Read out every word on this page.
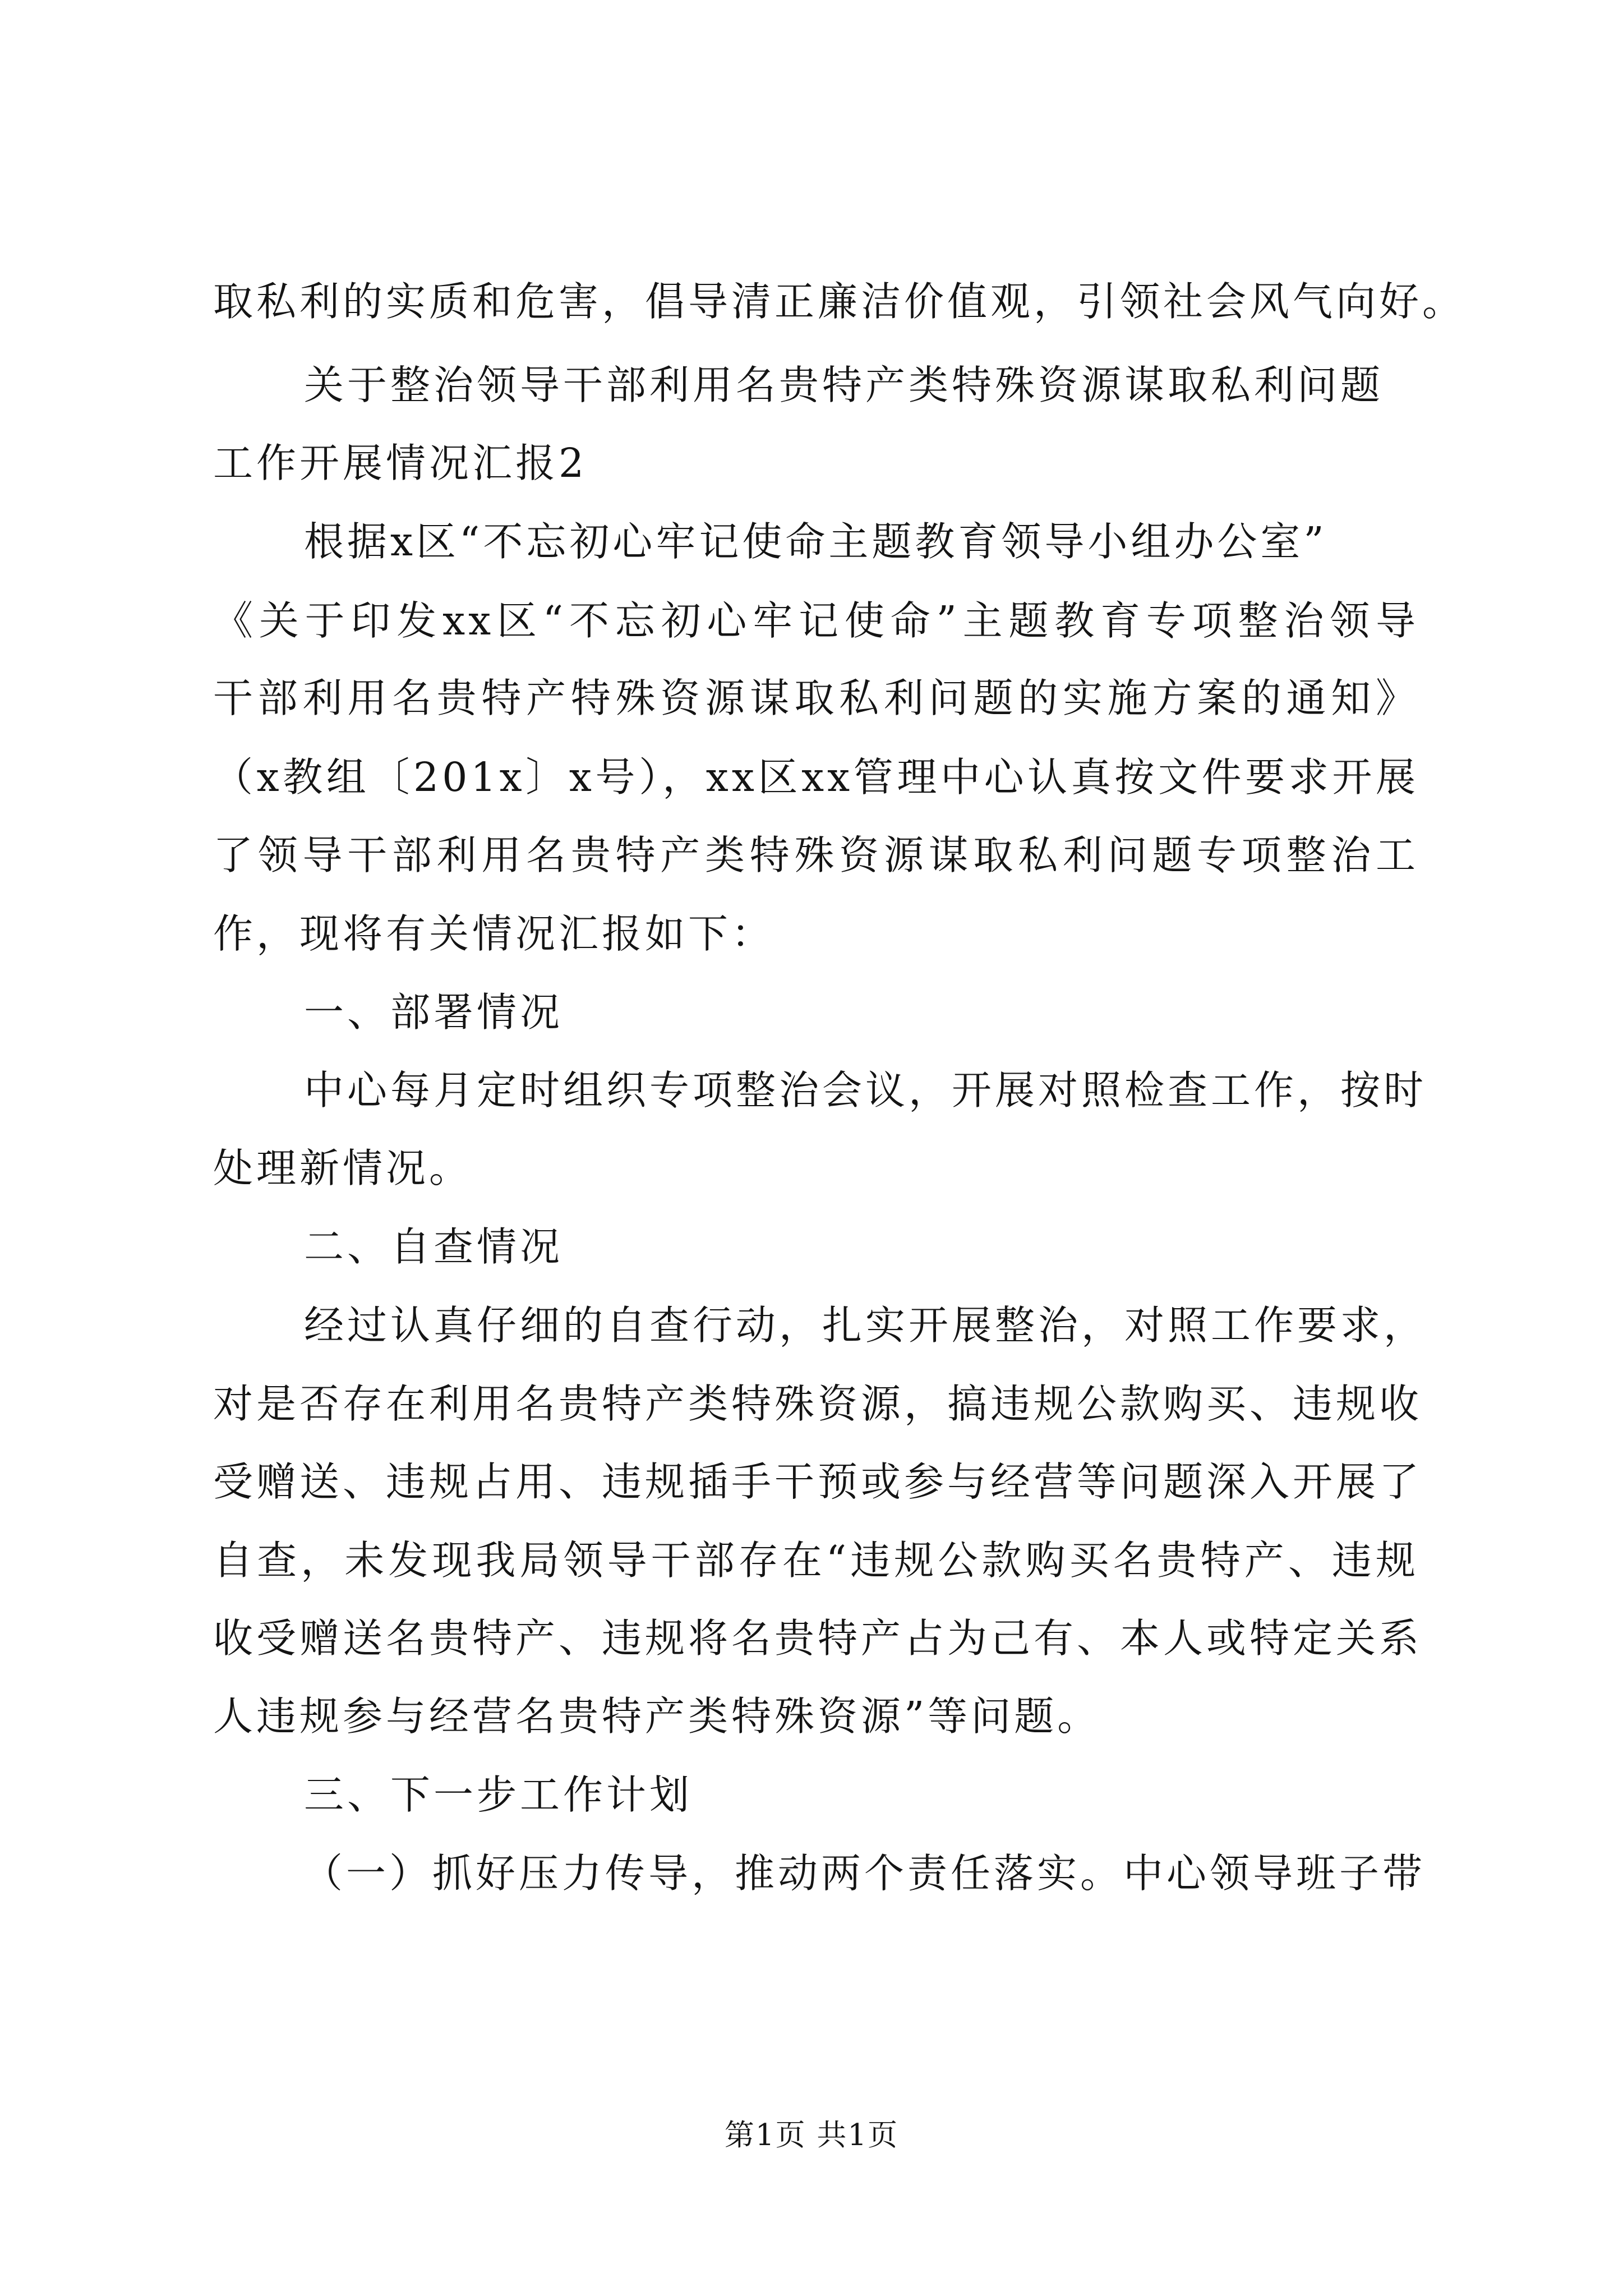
取私利的实质和危害，倡导清正廉洁价值观，引领社会风气向好。
关于整治领导干部利用名贵特产类特殊资源谋取私利问题
工作开展情况汇报2
根据x区“不忘初心牢记使命主题教育领导小组办公室”
《关于印发xx区“不忘初心牢记使命”主题教育专项整治领导
干部利用名贵特产特殊资源谋取私利问题的实施方案的通知》
（x教组〔201x〕x号），xx区xx管理中心认真按文件要求开展
了领导干部利用名贵特产类特殊资源谋取私利问题专项整治工
作，现将有关情况汇报如下：
一、部署情况
中心每月定时组织专项整治会议，开展对照检查工作，按时
处理新情况。
二、自查情况
经过认真仔细的自查行动，扎实开展整治，对照工作要求，
对是否存在利用名贵特产类特殊资源，搞违规公款购买、违规收
受赠送、违规占用、违规插手干预或参与经营等问题深入开展了
自查，未发现我局领导干部存在“违规公款购买名贵特产、违规
收受赠送名贵特产、违规将名贵特产占为己有、本人或特定关系
人违规参与经营名贵特产类特殊资源”等问题。
三、下一步工作计划
（一）抓好压力传导，推动两个责任落实。中心领导班子带
第1页 共1页
